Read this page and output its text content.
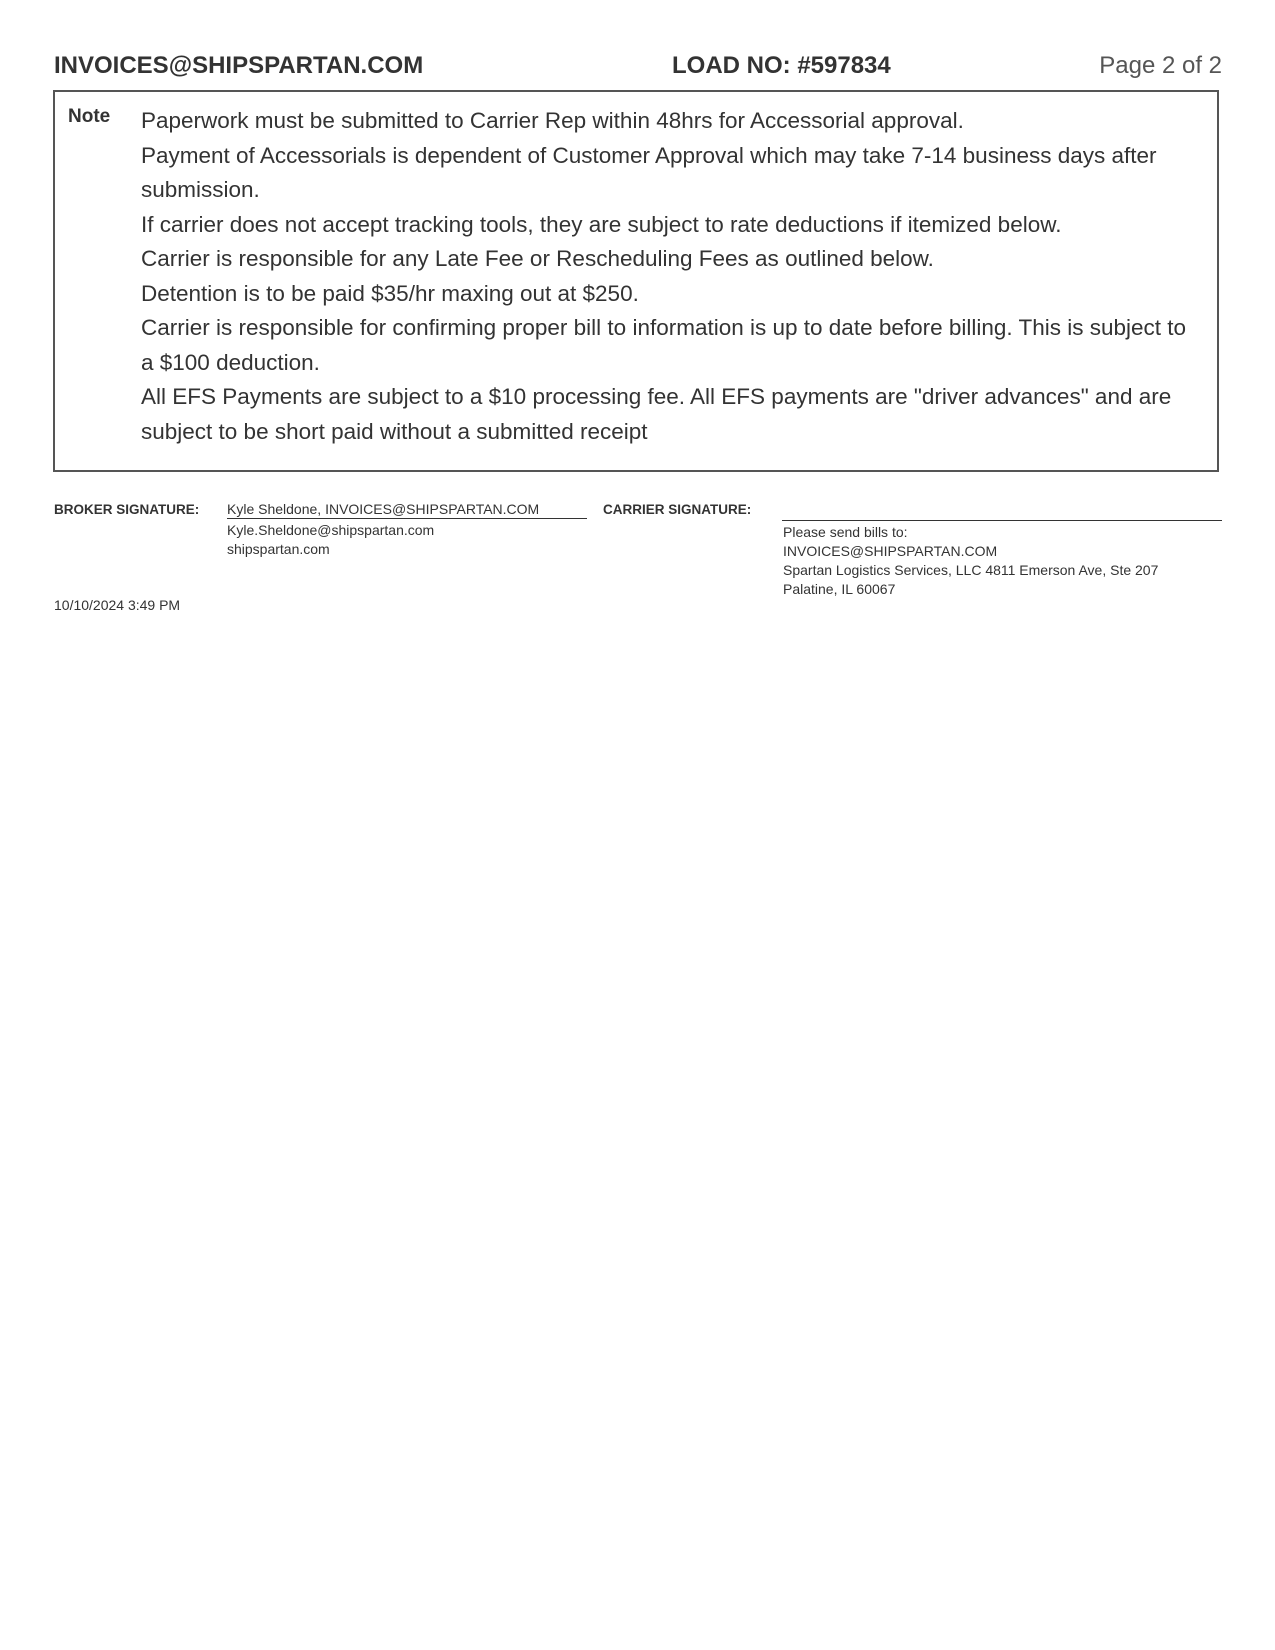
INVOICES@SHIPSPARTAN.COM	LOAD NO: #597834	Page 2 of 2
Note Paperwork must be submitted to Carrier Rep within 48hrs for Accessorial approval.

Payment of Accessorials is dependent of Customer Approval which may take 7-14 business days after submission.

If carrier does not accept tracking tools, they are subject to rate deductions if itemized below.

Carrier is responsible for any Late Fee or Rescheduling Fees as outlined below.

Detention is to be paid $35/hr maxing out at $250.

Carrier is responsible for confirming proper bill to information is up to date before billing. This is subject to a $100 deduction.

All EFS Payments are subject to a $10 processing fee. All EFS payments are "driver advances" and are subject to be short paid without a submitted receipt

BROKER SIGNATURE: Kyle Sheldone, INVOICES@SHIPSPARTAN.COM
Kyle.Sheldone@shipspartan.com
shipspartan.com
CARRIER SIGNATURE:
Please send bills to:
INVOICES@SHIPSPARTAN.COM
Spartan Logistics Services, LLC 4811 Emerson Ave, Ste 207
Palatine, IL 60067
10/10/2024 3:49 PM
